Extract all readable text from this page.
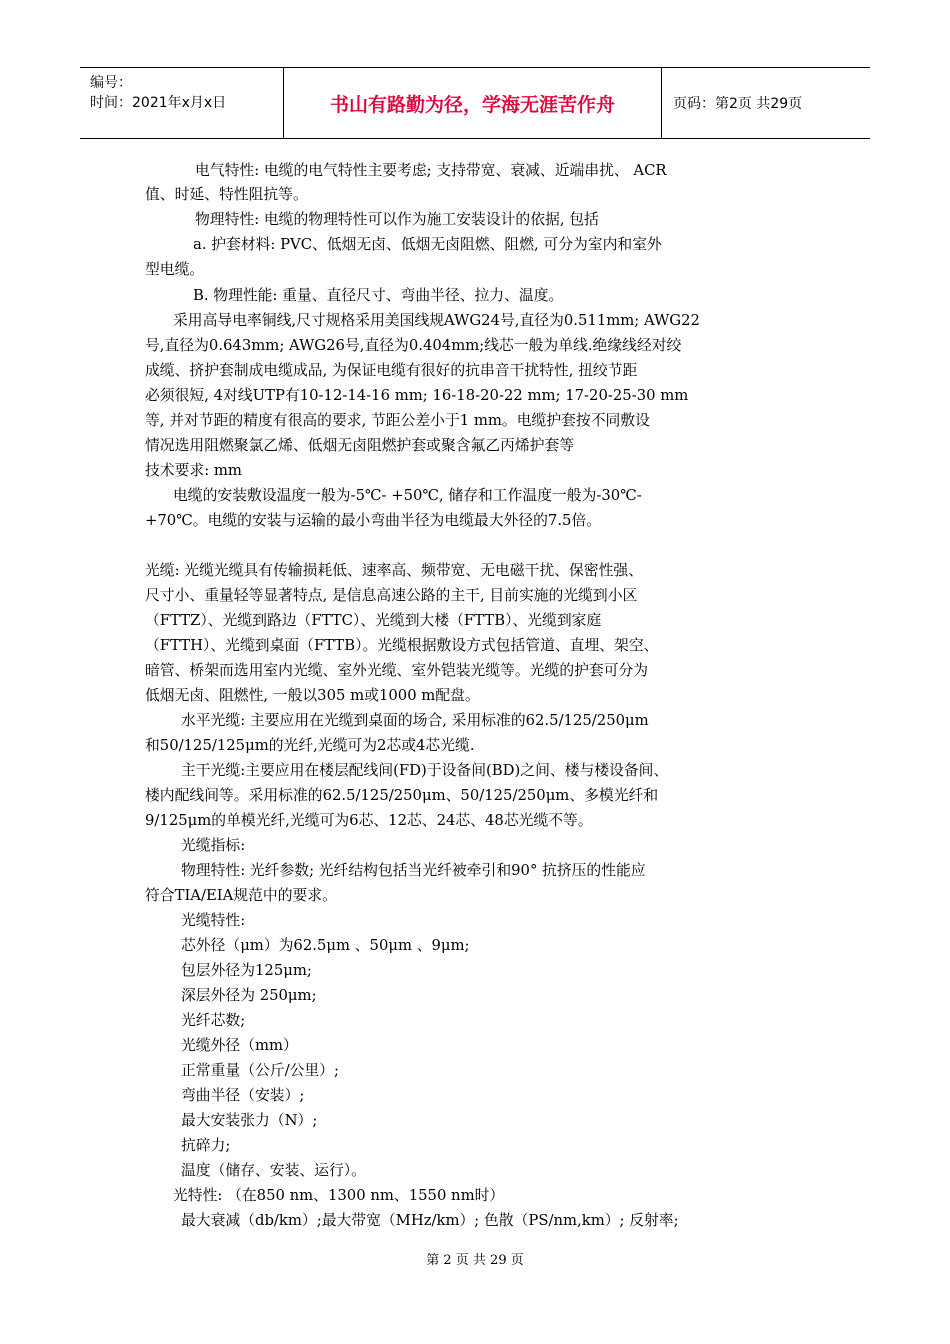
编号：
时间：2021年x月x日	书山有路勤为径，学海无涯苦作舟	页码：第2页 共29页
电气特性: 电缆的电气特性主要考虑; 支持带宽、衰减、近端串扰、 ACR
值、时延、特性阻抗等。
物理特性: 电缆的物理特性可以作为施工安装设计的依据, 包括
a. 护套材料: PVC、低烟无卤、低烟无卤阻燃、阻燃, 可分为室内和室外
型电缆。
B. 物理性能: 重量、直径尺寸、弯曲半径、拉力、温度。
采用高导电率铜线,尺寸规格采用美国线规AWG24号,直径为0.511mm; AWG22
号,直径为0.643mm; AWG26号,直径为0.404mm;线芯一般为单线.绝缘线经对绞
成缆、挤护套制成电缆成品, 为保证电缆有很好的抗串音干扰特性, 扭绞节距
必须很短, 4对线UTP有10-12-14-16 mm; 16-18-20-22 mm; 17-20-25-30 mm
等, 并对节距的精度有很高的要求, 节距公差小于1 mm。电缆护套按不同敷设
情况选用阻燃聚氯乙烯、低烟无卤阻燃护套或聚含氟乙丙烯护套等
技术要求: mm
电缆的安装敷设温度一般为-5℃- +50℃, 储存和工作温度一般为-30℃-
+70℃。电缆的安装与运输的最小弯曲半径为电缆最大外径的7.5倍。
光缆: 光缆光缆具有传输损耗低、速率高、频带宽、无电磁干扰、保密性强、
尺寸小、重量轻等显著特点, 是信息高速公路的主干, 目前实施的光缆到小区
（FTTZ）、光缆到路边（FTTC）、光缆到大楼（FTTB）、光缆到家庭
（FTTH）、光缆到桌面（FTTB）。光缆根据敷设方式包括管道、直埋、架空、
暗管、桥架而选用室内光缆、室外光缆、室外铠装光缆等。光缆的护套可分为
低烟无卤、阻燃性, 一般以305 m或1000 m配盘。
水平光缆: 主要应用在光缆到桌面的场合, 采用标准的62.5/125/250μm
和50/125/125μm的光纤,光缆可为2芯或4芯光缆.
主干光缆:主要应用在楼层配线间(FD)于设备间(BD)之间、楼与楼设备间、
楼内配线间等。采用标准的62.5/125/250μm、50/125/250μm、多模光纤和
9/125μm的单模光纤,光缆可为6芯、12芯、24芯、48芯光缆不等。
光缆指标:
物理特性: 光纤参数; 光纤结构包括当光纤被牵引和90° 抗挤压的性能应
符合TIA/EIA规范中的要求。
光缆特性:
芯外径（μm）为62.5μm 、50μm 、9μm;
包层外径为125μm;
深层外径为 250μm;
光纤芯数;
光缆外径（mm）
正常重量（公斤/公里）;
弯曲半径（安装）;
最大安装张力（N）;
抗碎力;
温度（储存、安装、运行）。
光特性: （在850 nm、1300 nm、1550 nm时）
最大衰减（db/km）;最大带宽（MHz/km）; 色散（PS/nm,km）; 反射率;
第 2 页 共 29 页
